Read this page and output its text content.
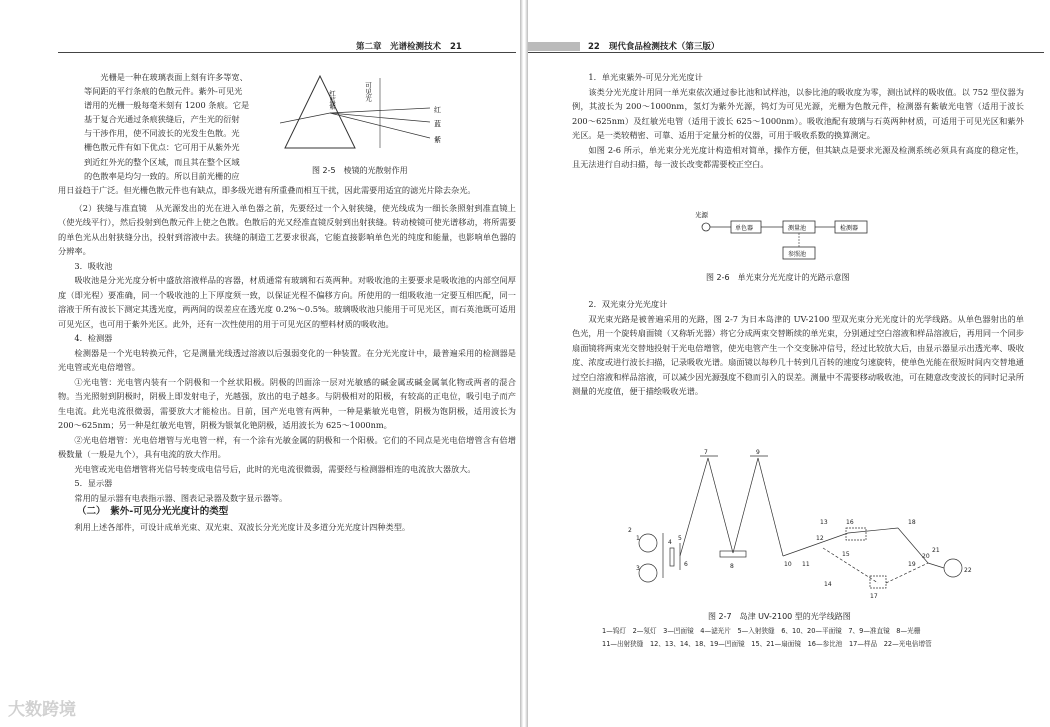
第二章　光谱检测技术 21
光栅是一种在玻璃表面上刻有许多等宽、
等间距的平行条痕的色散元件。紫外-可见光
谱用的光栅一般每毫米刻有 1200 条痕。它是
基于复合光通过条痕狭缝后，产生光的衍射
与干涉作用，使不同波长的光发生色散。光
栅色散元件有如下优点：它可用于从紫外光
到近红外光的整个区域，而且其在整个区域
的色散率是均匀一致的。所以目前光栅的应
红蓝紫	可见光
红
蓝
紫
图 2-5　棱镜的光散射作用

用日益趋于广泛。但光栅色散元件也有缺点，即多级光谱有所重叠而相互干扰，因此需要用适宜的滤光片除去杂光。

（2）狭缝与准直镜　从光源发出的光在进入单色器之前，先要经过一个入射狭缝，使光线成为一细长条照射到准直镜上（使光线平行），然后投射到色散元件上使之色散。色散后的光又经准直镜反射到出射狭缝。转动棱镜可使光谱移动，将所需要的单色光从出射狭缝分出，投射到溶液中去。狭缝的制造工艺要求很高，它能直接影响单色光的纯度和能量，也影响单色器的分辨率。

3．吸收池

吸收池是分光光度分析中盛放溶液样品的容器，材质通常有玻璃和石英两种。对吸收池的主要要求是吸收池的内部空间厚度（即光程）要准确，同一个吸收池的上下厚度须一致，以保证光程不偏移方向。所使用的一组吸收池一定要互相匹配，同一溶液于所有波长下测定其透光度，两两间的误差应在透光度 0.2%～0.5%。玻璃吸收池只能用于可见光区，而石英池既可适用可见光区，也可用于紫外光区。此外，还有一次性使用的用于可见光区的塑料材质的吸收池。

4．检测器

检测器是一个光电转换元件，它是测量光线透过溶液以后强弱变化的一种装置。在分光光度计中，最普遍采用的检测器是光电管或光电倍增管。

①光电管：光电管内装有一个阴极和一个丝状阳极。阴极的凹面涂一层对光敏感的碱金属或碱金属氧化物或两者的混合物。当光照射到阴极时，阴极上即发射电子，光越强，放出的电子越多。与阴极相对的阳极，有较高的正电位，吸引电子而产生电流。此光电流很微弱，需要放大才能检出。目前，国产光电管有两种，一种是紫敏光电管，阴极为饱阴极，适用波长为 200～625nm；另一种是红敏光电管，阴极为银氧化铯阴极，适用波长为 625～1000nm。

②光电倍增管：光电倍增管与光电管一样，有一个涂有光敏金属的阴极和一个阳极。它们的不同点是光电倍增管含有倍增极数量（一般是九个），具有电流的放大作用。

光电管或光电倍增管将光信号转变成电信号后，此时的光电流很微弱，需要经与检测器相连的电流放大器放大。

5．显示器

常用的显示器有电表指示器、图表记录器及数字显示器等。

（二）　紫外-可见分光光度计的类型

利用上述各部件，可设计成单光束、双光束、双波长分光光度计及多道分光光度计四种类型。

22 现代食品检测技术（第三版）

1．单光束紫外-可见分光光度计

该类分光光度计用同一单光束依次通过参比池和试样池，以参比池的吸收度为零，测出试样的吸收值。以 752 型仪器为例，其波长为 200～1000nm，氢灯为紫外光源，钨灯为可见光源，光栅为色散元件，检测器有紫敏光电管（适用于波长 200～625nm）及红敏光电管（适用于波长 625～1000nm）。吸收池配有玻璃与石英两种材质，可适用于可见光区和紫外光区。是一类较精密、可靠、适用于定量分析的仪器，可用于吸收系数的换算测定。

如图 2-6 所示，单光束分光光度计构造相对简单，操作方便，但其缺点是要求光源及检测系统必须具有高度的稳定性，且无法进行自动扫描，每一波长改变都需要校正空白。

光源
单色器	测量池	检测器
参照池
图 2-6　单光束分光光度计的光路示意图

2．双光束分光光度计

双光束光路是被普遍采用的光路，图 2-7 为日本岛津的 UV-2100 型双光束分光光度计的光学线路。从单色器射出的单色光，用一个旋转扇面镜（又称斩光器）将它分成两束交替断续的单光束，分别通过空白溶液和样品溶液后，再用同一个同步扇面镜将两束光交替地投射于光电倍增管，使光电管产生一个交变脉冲信号，经过比较放大后，由显示器显示出透光率、吸收度、浓度或进行波长扫描，记录吸收光谱。扇面镜以每秒几十转到几百转的速度匀速旋转，使单色光能在很短时间内交替地通过空白溶液和样品溶液，可以减少因光源强度不稳而引入的误差。测量中不需要移动吸收池，可在随意改变波长的同时记录所测量的光度值，便于描绘吸收光谱。

1
2
3
4
5
6
7
8
9
10 11
12
13
14
15
16
17
18
19
20
21
22
图 2-7　岛津 UV-2100 型的光学线路图
1—钨灯　2—氖灯　3—凹面镜　4—滤光片　5—入射狭缝　6、10、20—平面镜　7、9—准直镜　8—光栅
11—出射狭缝　12、13、14、18、19—凹面镜　15、21—扇面镜　16—参比池　17—样品　22—光电倍增管
大数跨境
